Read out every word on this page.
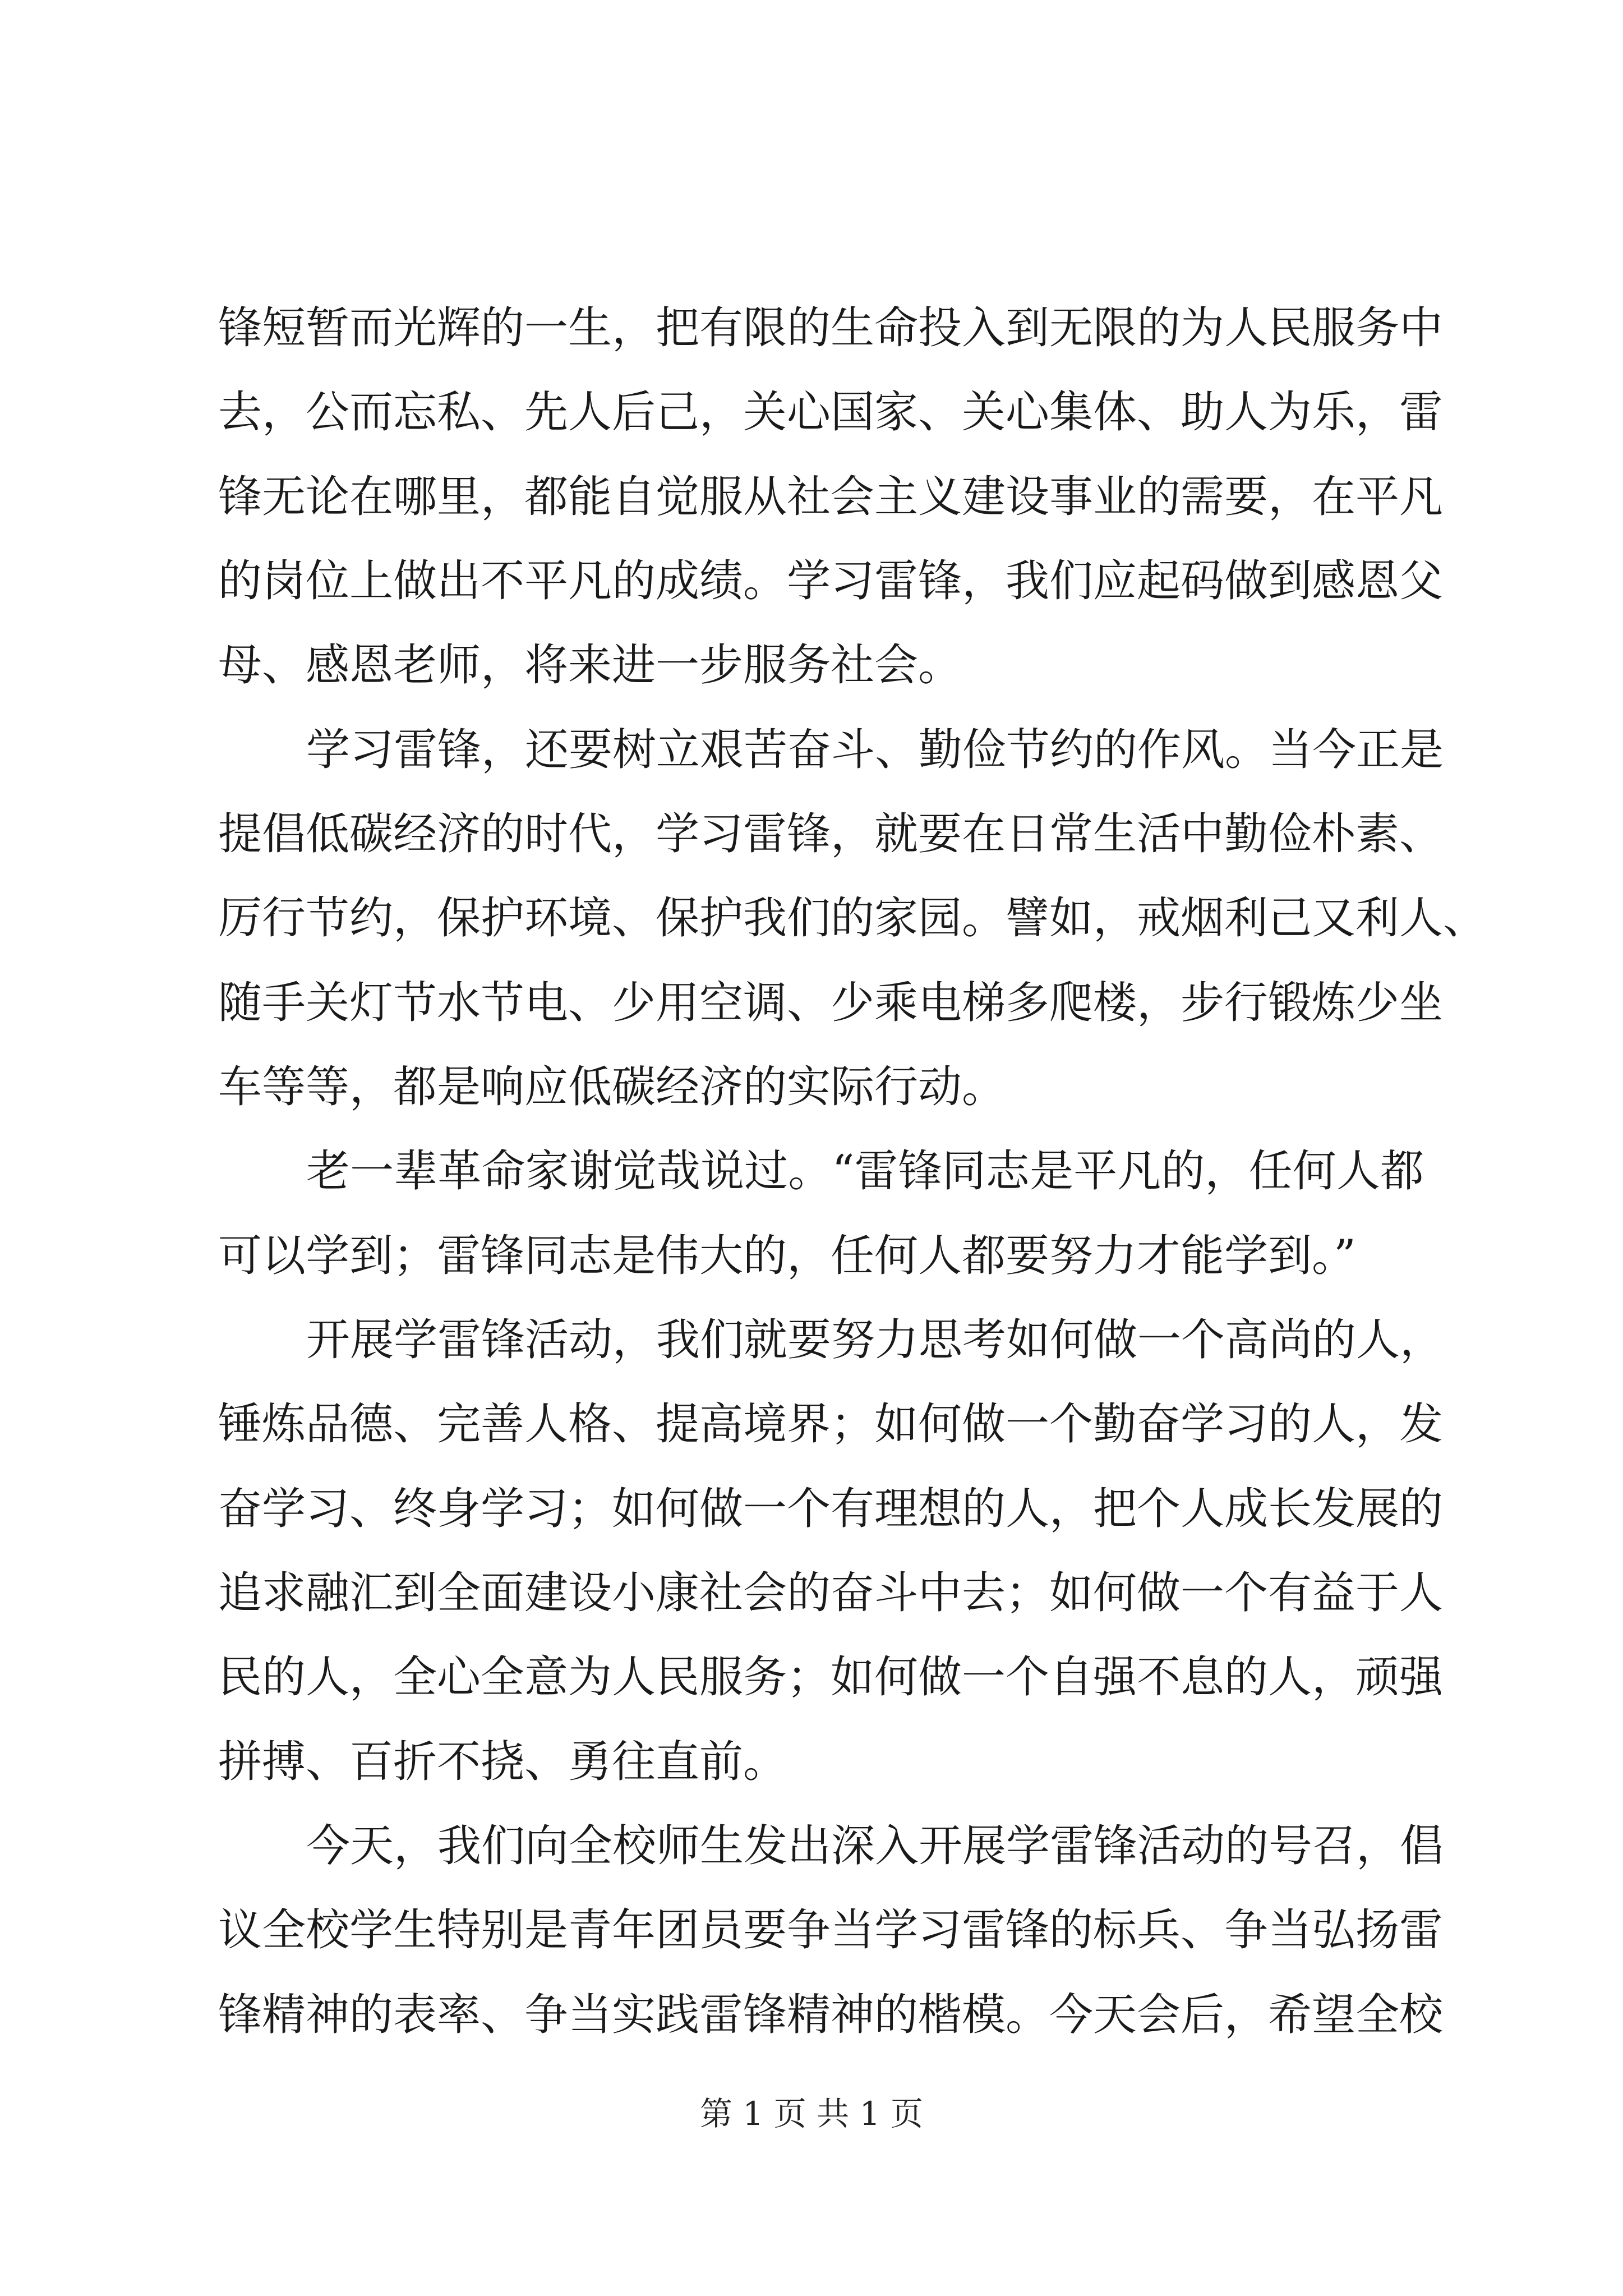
锋短暂而光辉的一生，把有限的生命投入到无限的为人民服务中
去，公而忘私、先人后己，关心国家、关心集体、助人为乐，雷
锋无论在哪里，都能自觉服从社会主义建设事业的需要，在平凡
的岗位上做出不平凡的成绩。学习雷锋，我们应起码做到感恩父
母、感恩老师，将来进一步服务社会。
学习雷锋，还要树立艰苦奋斗、勤俭节约的作风。当今正是
提倡低碳经济的时代，学习雷锋，就要在日常生活中勤俭朴素、
厉行节约，保护环境、保护我们的家园。譬如，戒烟利己又利人、
随手关灯节水节电、少用空调、少乘电梯多爬楼，步行锻炼少坐
车等等，都是响应低碳经济的实际行动。
老一辈革命家谢觉哉说过。“雷锋同志是平凡的，任何人都
可以学到；雷锋同志是伟大的，任何人都要努力才能学到。”
开展学雷锋活动，我们就要努力思考如何做一个高尚的人，
锤炼品德、完善人格、提高境界；如何做一个勤奋学习的人，发
奋学习、终身学习；如何做一个有理想的人，把个人成长发展的
追求融汇到全面建设小康社会的奋斗中去；如何做一个有益于人
民的人，全心全意为人民服务；如何做一个自强不息的人，顽强
拼搏、百折不挠、勇往直前。
今天，我们向全校师生发出深入开展学雷锋活动的号召，倡
议全校学生特别是青年团员要争当学习雷锋的标兵、争当弘扬雷
锋精神的表率、争当实践雷锋精神的楷模。今天会后，希望全校
第 1 页 共 1 页
